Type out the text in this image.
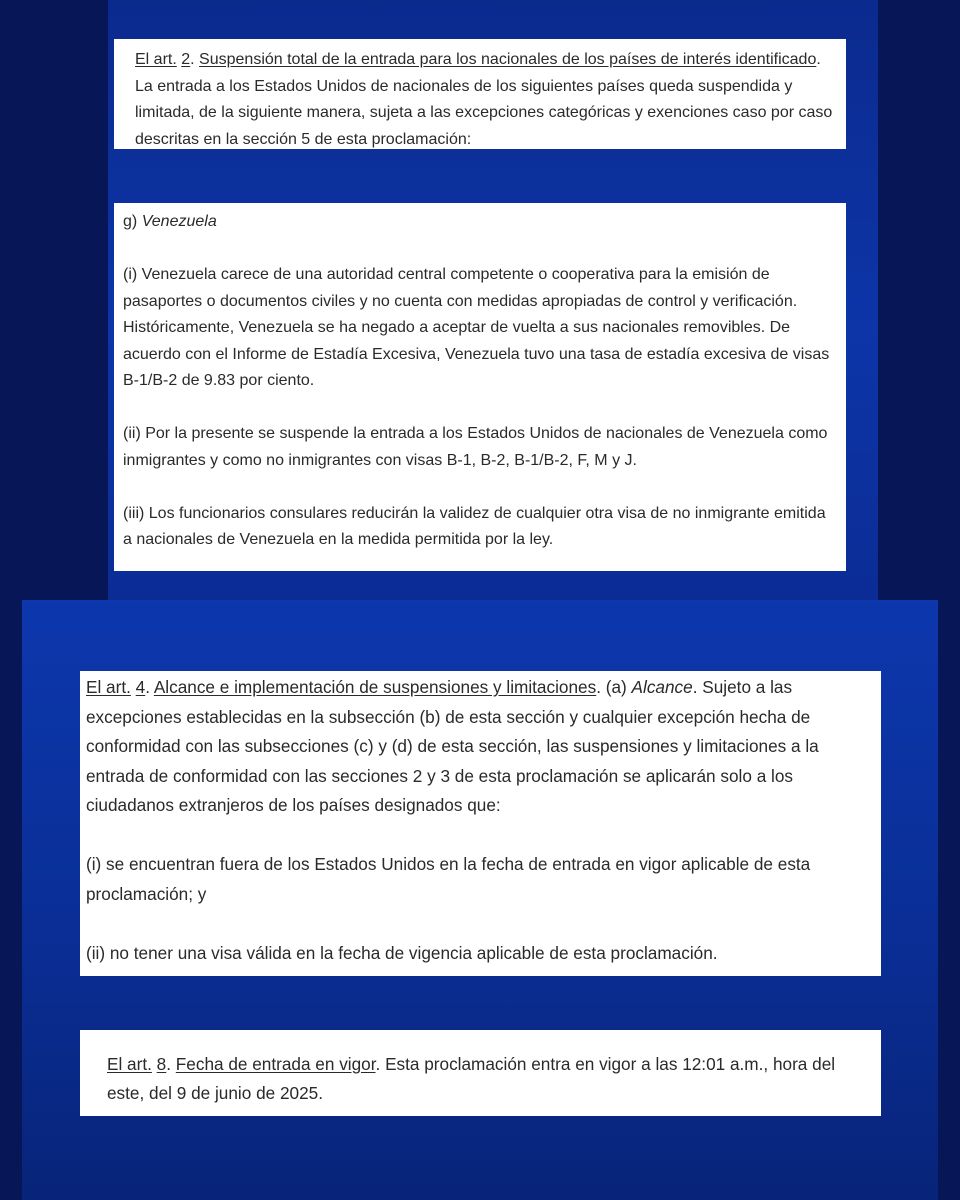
El art. 2. Suspensión total de la entrada para los nacionales de los países de interés identificado. La entrada a los Estados Unidos de nacionales de los siguientes países queda suspendida y limitada, de la siguiente manera, sujeta a las excepciones categóricas y exenciones caso por caso descritas en la sección 5 de esta proclamación:

g) Venezuela

(i) Venezuela carece de una autoridad central competente o cooperativa para la emisión de pasaportes o documentos civiles y no cuenta con medidas apropiadas de control y verificación. Históricamente, Venezuela se ha negado a aceptar de vuelta a sus nacionales removibles. De acuerdo con el Informe de Estadía Excesiva, Venezuela tuvo una tasa de estadía excesiva de visas B-1/B-2 de 9.83 por ciento.

(ii) Por la presente se suspende la entrada a los Estados Unidos de nacionales de Venezuela como inmigrantes y como no inmigrantes con visas B-1, B-2, B-1/B-2, F, M y J.

(iii) Los funcionarios consulares reducirán la validez de cualquier otra visa de no inmigrante emitida a nacionales de Venezuela en la medida permitida por la ley.

El art. 4. Alcance e implementación de suspensiones y limitaciones. (a) Alcance. Sujeto a las excepciones establecidas en la subsección (b) de esta sección y cualquier excepción hecha de conformidad con las subsecciones (c) y (d) de esta sección, las suspensiones y limitaciones a la entrada de conformidad con las secciones 2 y 3 de esta proclamación se aplicarán solo a los ciudadanos extranjeros de los países designados que:

(i) se encuentran fuera de los Estados Unidos en la fecha de entrada en vigor aplicable de esta proclamación; y

(ii) no tener una visa válida en la fecha de vigencia aplicable de esta proclamación.

El art. 8. Fecha de entrada en vigor. Esta proclamación entra en vigor a las 12:01 a.m., hora del este, del 9 de junio de 2025.
